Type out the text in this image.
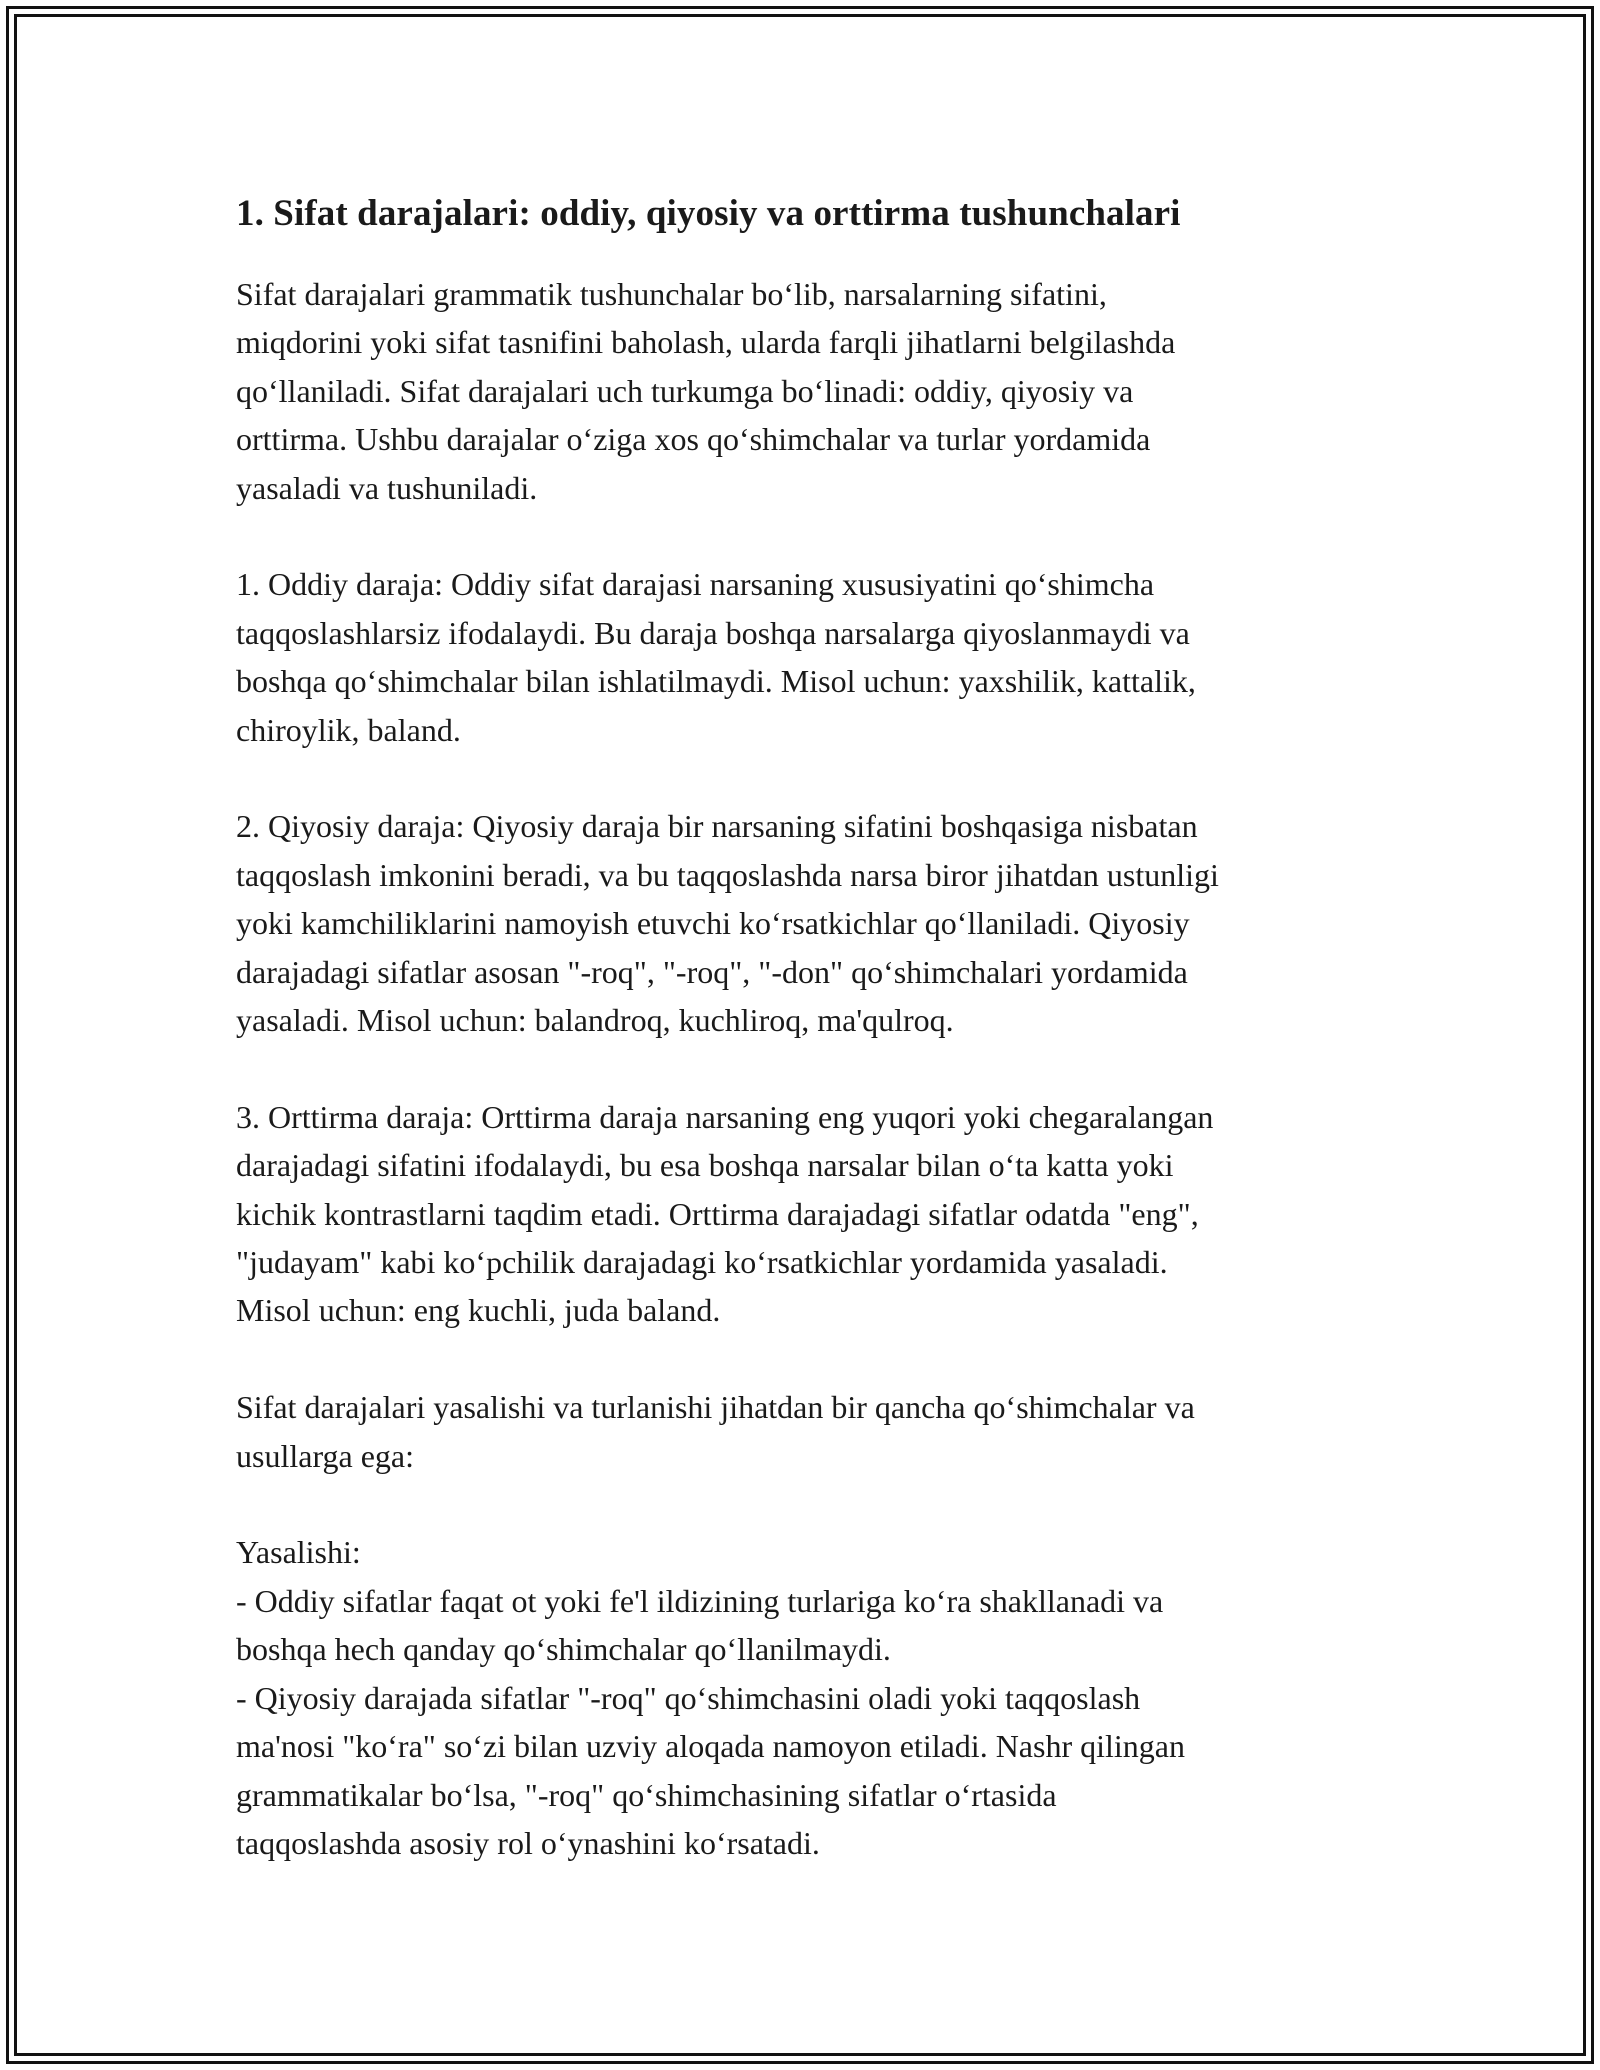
1. Sifat darajalari: oddiy, qiyosiy va orttirma tushunchalari
Sifat darajalari grammatik tushunchalar bo‘lib, narsalarning sifatini,
miqdorini yoki sifat tasnifini baholash, ularda farqli jihatlarni belgilashda
qo‘llaniladi. Sifat darajalari uch turkumga bo‘linadi: oddiy, qiyosiy va
orttirma. Ushbu darajalar o‘ziga xos qo‘shimchalar va turlar yordamida
yasaladi va tushuniladi.
1. Oddiy daraja: Oddiy sifat darajasi narsaning xususiyatini qo‘shimcha
taqqoslashlarsiz ifodalaydi. Bu daraja boshqa narsalarga qiyoslanmaydi va
boshqa qo‘shimchalar bilan ishlatilmaydi. Misol uchun: yaxshilik, kattalik,
chiroylik, baland.
2. Qiyosiy daraja: Qiyosiy daraja bir narsaning sifatini boshqasiga nisbatan
taqqoslash imkonini beradi, va bu taqqoslashda narsa biror jihatdan ustunligi
yoki kamchiliklarini namoyish etuvchi ko‘rsatkichlar qo‘llaniladi. Qiyosiy
darajadagi sifatlar asosan "-roq", "-roq", "-don" qo‘shimchalari yordamida
yasaladi. Misol uchun: balandroq, kuchliroq, ma'qulroq.
3. Orttirma daraja: Orttirma daraja narsaning eng yuqori yoki chegaralangan
darajadagi sifatini ifodalaydi, bu esa boshqa narsalar bilan o‘ta katta yoki
kichik kontrastlarni taqdim etadi. Orttirma darajadagi sifatlar odatda "eng",
"judayam" kabi ko‘pchilik darajadagi ko‘rsatkichlar yordamida yasaladi.
Misol uchun: eng kuchli, juda baland.
Sifat darajalari yasalishi va turlanishi jihatdan bir qancha qo‘shimchalar va
usullarga ega:
Yasalishi:
- Oddiy sifatlar faqat ot yoki fe'l ildizining turlariga ko‘ra shakllanadi va
boshqa hech qanday qo‘shimchalar qo‘llanilmaydi.
- Qiyosiy darajada sifatlar "-roq" qo‘shimchasini oladi yoki taqqoslash
ma'nosi "ko‘ra" so‘zi bilan uzviy aloqada namoyon etiladi. Nashr qilingan
grammatikalar bo‘lsa, "-roq" qo‘shimchasining sifatlar o‘rtasida
taqqoslashda asosiy rol o‘ynashini ko‘rsatadi.
